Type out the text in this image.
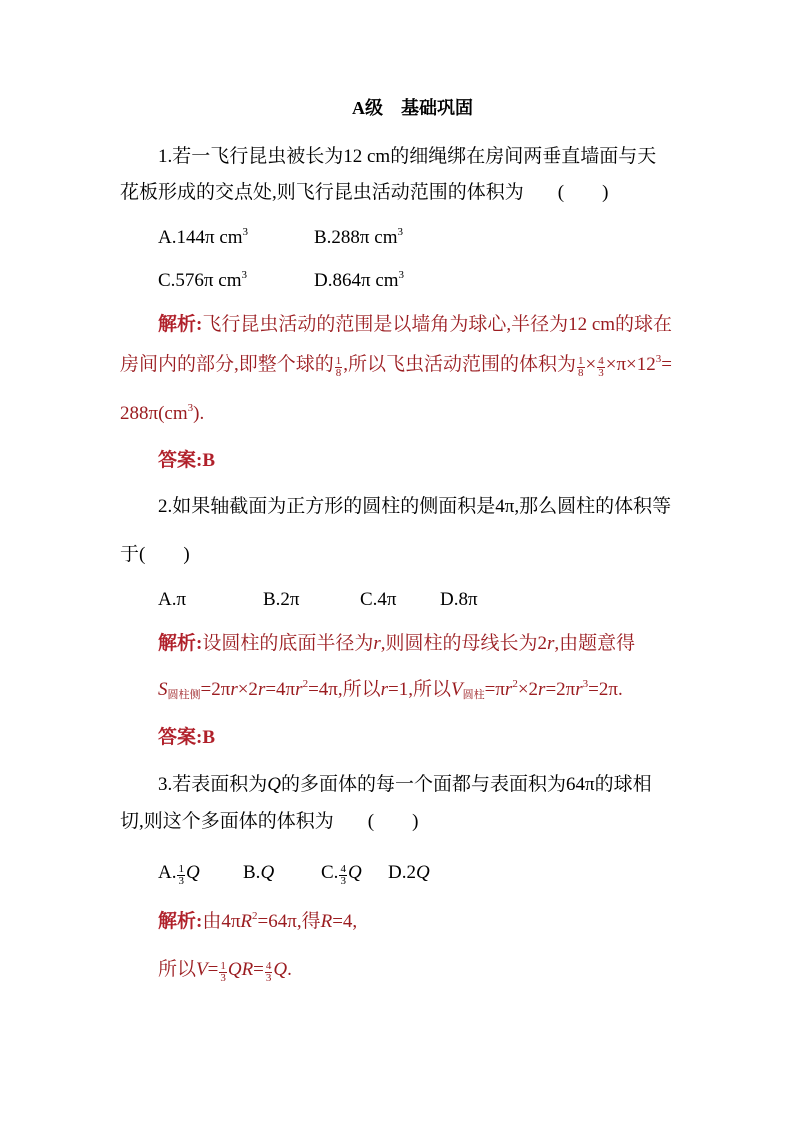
A级　基础巩固
1.若一飞行昆虫被长为12 cm的细绳绑在房间两垂直墙面与天
花板形成的交点处,则飞行昆虫活动范围的体积为 (　　)
A.144π $cm^3$	B.288π $cm^3$
C.576π $cm^3$	D.864π $cm^3$
解析:飞行昆虫活动的范围是以墙角为球心,半径为12 cm的球在
房间内的部分,即整个球的 $\frac{1}{8}$ ,所以飞虫活动范围的体积为 $\frac{1}{8} \times \frac{4}{3} \times\pi\times 12^3=$
$288\pi(cm^3)$.
答案:B
2.如果轴截面为正方形的圆柱的侧面积是4π,那么圆柱的体积等
于(　　)
A.π	B.2π	C.4π D.8π
解析:设圆柱的底面半径为r,则圆柱的母线长为2r,由题意得
$S_{圆柱侧}=2\pi r\times 2r=4\pi r^2=4\pi$,所以r=1,所以$V_{圆柱}=\pi r^2\times 2r=2\pi r^3=2\pi$.
答案:B
3.若表面积为Q的多面体的每一个面都与表面积为64π的球相
切,则这个多面体的体积为 (　　)
A. $\frac{1}{3}$ Q B.Q C. $\frac{4}{3}$ Q D.2Q
解析:由$4\pi R^2=64\pi$,得R=4,
所以$V= \frac{1}{3} QR= \frac{4}{3} Q$.
